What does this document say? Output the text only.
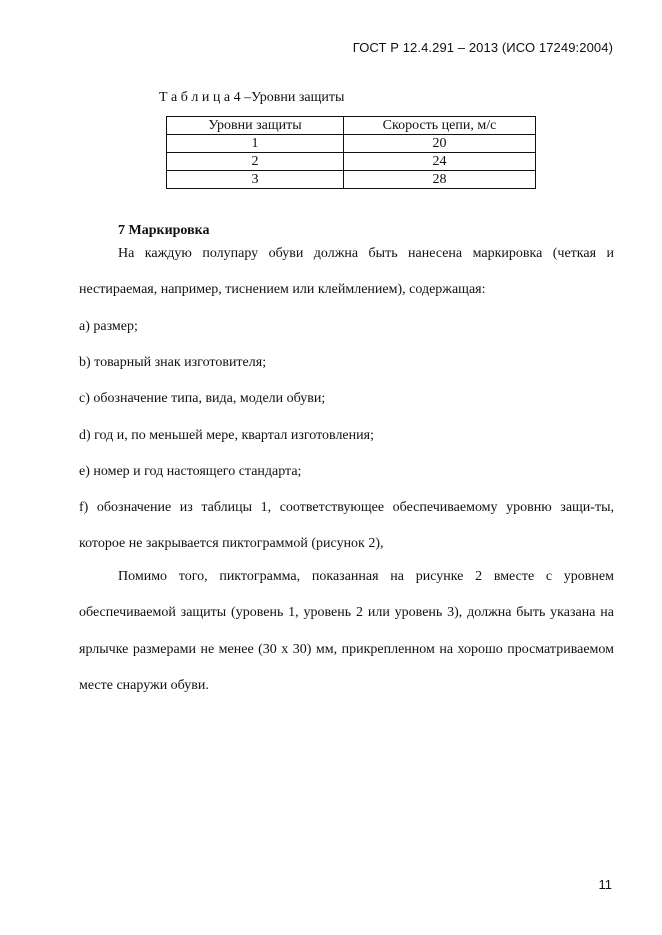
ГОСТ Р 12.4.291 – 2013 (ИСО 17249:2004)
Т а б л и ц а 4 –Уровни защиты
Уровни защиты	Скорость цепи, м/с
1	20
2	24
3	28
7 Маркировка
На каждую полупару обуви должна быть нанесена маркировка (четкая и нестираемая, например, тиснением или клеймлением), содержащая:
a) размер;
b) товарный знак изготовителя;
c) обозначение типа, вида, модели обуви;
d) год и, по меньшей мере, квартал изготовления;
e) номер и год настоящего стандарта;
f) обозначение из таблицы 1, соответствующее обеспечиваемому уровню защи-ты, которое не закрывается пиктограммой (рисунок 2),
Помимо того, пиктограмма, показанная на рисунке 2 вместе с уровнем обеспечиваемой защиты (уровень 1, уровень 2 или уровень 3), должна быть указана на ярлычке размерами не менее (30 х 30) мм, прикрепленном на хорошо просматриваемом месте снаружи обуви.
11
